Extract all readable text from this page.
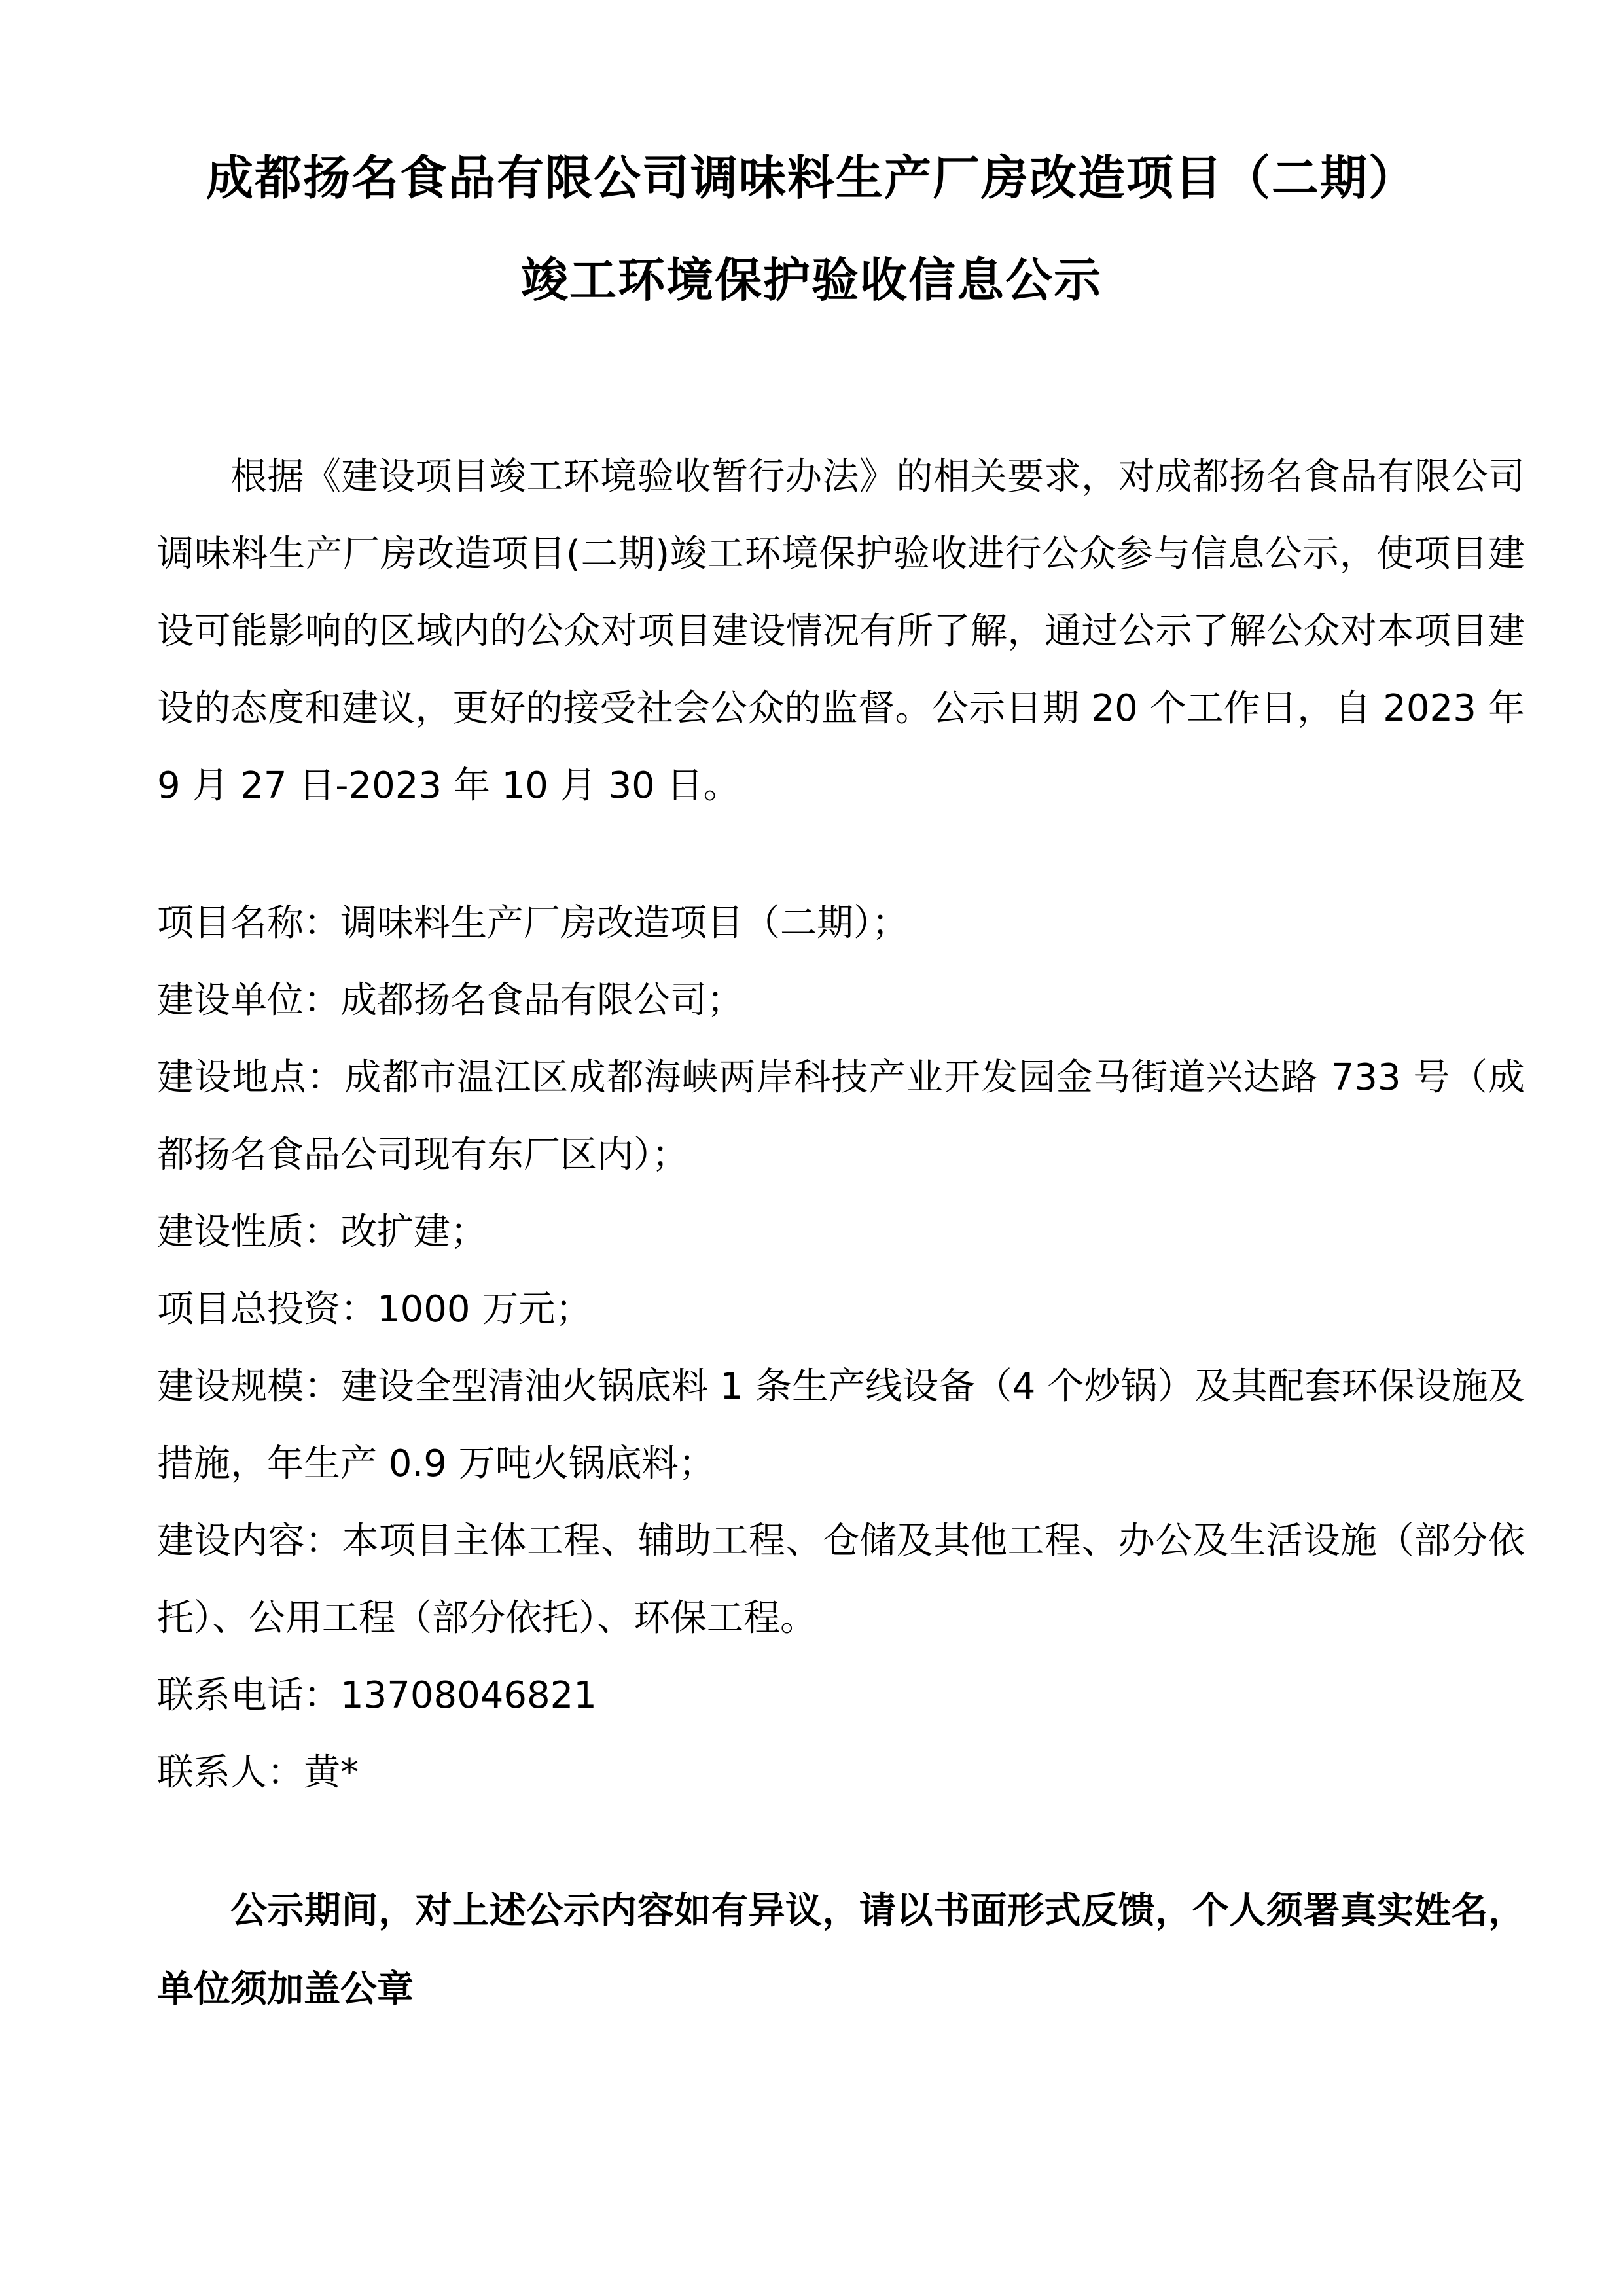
成都扬名食品有限公司调味料生产厂房改造项目（二期）
竣工环境保护验收信息公示

根据《建设项目竣工环境验收暂行办法》的相关要求，对成都扬名食品有限公司调味料生产厂房改造项目(二期)竣工环境保护验收进行公众参与信息公示，使项目建设可能影响的区域内的公众对项目建设情况有所了解，通过公示了解公众对本项目建设的态度和建议，更好的接受社会公众的监督。公示日期 20 个工作日，自 2023 年 9 月 27 日-2023 年 10 月 30 日。

项目名称：调味料生产厂房改造项目（二期）；

建设单位：成都扬名食品有限公司；

建设地点：成都市温江区成都海峡两岸科技产业开发园金马街道兴达路 733 号（成都扬名食品公司现有东厂区内）；

建设性质：改扩建；

项目总投资：1000 万元；

建设规模：建设全型清油火锅底料 1 条生产线设备（4 个炒锅）及其配套环保设施及措施，年生产 0.9 万吨火锅底料；

建设内容：本项目主体工程、辅助工程、仓储及其他工程、办公及生活设施（部分依托）、公用工程（部分依托）、环保工程。

联系电话：13708046821

联系人：黄*

公示期间，对上述公示内容如有异议，请以书面形式反馈，个人须署真实姓名，单位须加盖公章
